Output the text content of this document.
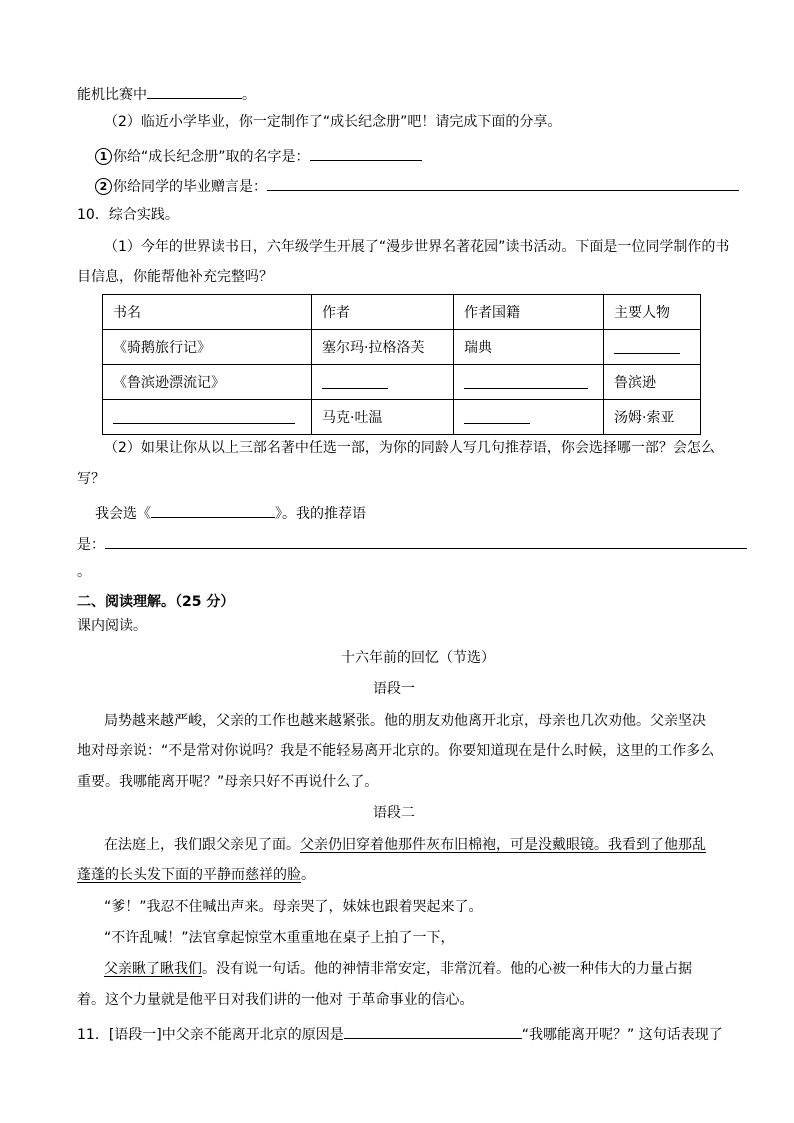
能机比赛中	。
（2）临近小学毕业，你一定制作了“成长纪念册”吧！请完成下面的分享。
1 你给“成长纪念册”取的名字是：
2 你给同学的毕业赠言是：
10．综合实践。
（1）今年的世界读书日，六年级学生开展了“漫步世界名著花园”读书活动。下面是一位同学制作的书
目信息，你能帮他补充完整吗？
书名	作者	作者国籍	主要人物
《骑鹅旅行记》	塞尔玛·拉格洛芙	瑞典	
《鲁滨逊漂流记》			鲁滨逊
	马克·吐温		汤姆·索亚
（2）如果让你从以上三部名著中任选一部，为你的同龄人写几句推荐语，你会选择哪一部？会怎么
写？
我会选《	》。我的推荐语
是：
。
二、阅读理解。（25 分）
课内阅读。
十六年前的回忆（节选）
语段一
局势越来越严峻，父亲的工作也越来越紧张。他的朋友劝他离开北京，母亲也几次劝他。父亲坚决
地对母亲说：“不是常对你说吗？我是不能轻易离开北京的。你要知道现在是什么时候，这里的工作多么
重要。我哪能离开呢？”母亲只好不再说什么了。
语段二
在法庭上，我们跟父亲见了面。父亲仍旧穿着他那件灰布旧棉袍，可是没戴眼镜。我看到了他那乱
蓬蓬的长头发下面的平静而慈祥的脸。
“爹！”我忍不住喊出声来。母亲哭了，妹妹也跟着哭起来了。
“不许乱喊！”法官拿起惊堂木重重地在桌子上拍了一下，
父亲瞅了瞅我们。没有说一句话。他的神情非常安定，非常沉着。他的心被一种伟大的力量占据
着。这个力量就是他平日对我们讲的一他对 于革命事业的信心。
11．[语段一]中父亲不能离开北京的原因是	“我哪能离开呢？” 这句话表现了
